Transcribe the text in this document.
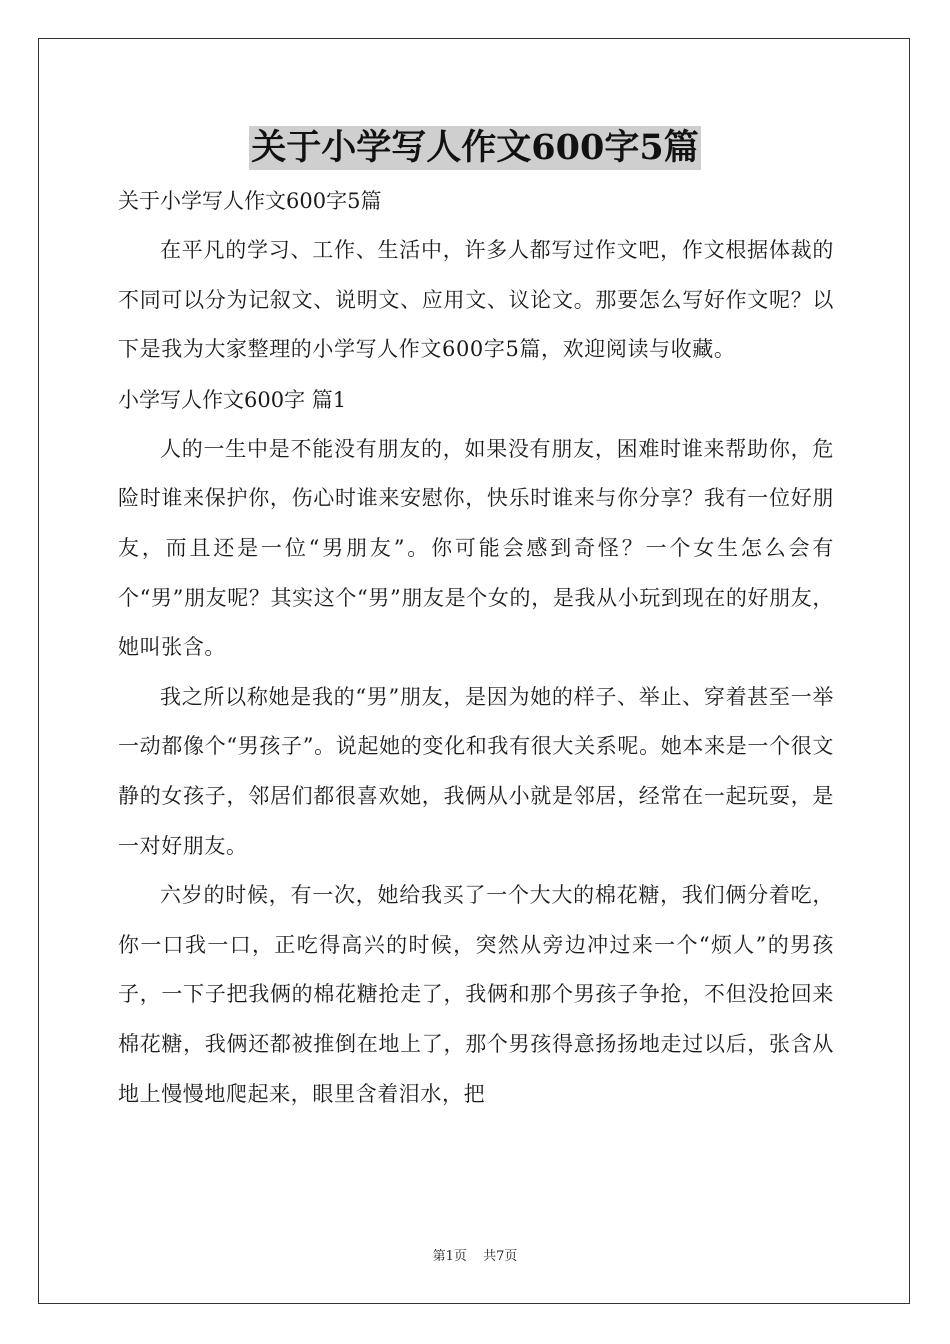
关于小学写人作文600字5篇
关于小学写人作文600字5篇

在平凡的学习、工作、生活中，许多人都写过作文吧，作文根据体裁的不同可以分为记叙文、说明文、应用文、议论文。那要怎么写好作文呢？以下是我为大家整理的小学写人作文600字5篇，欢迎阅读与收藏。

小学写人作文600字 篇1

人的一生中是不能没有朋友的，如果没有朋友，困难时谁来帮助你，危险时谁来保护你，伤心时谁来安慰你，快乐时谁来与你分享？我有一位好朋友，而且还是一位“男朋友”。你可能会感到奇怪？一个女生怎么会有个“男”朋友呢？其实这个“男”朋友是个女的，是我从小玩到现在的好朋友，她叫张含。

我之所以称她是我的“男”朋友，是因为她的样子、举止、穿着甚至一举一动都像个“男孩子”。说起她的变化和我有很大关系呢。她本来是一个很文静的女孩子，邻居们都很喜欢她，我俩从小就是邻居，经常在一起玩耍，是一对好朋友。

六岁的时候，有一次，她给我买了一个大大的棉花糖，我们俩分着吃，你一口我一口，正吃得高兴的时候，突然从旁边冲过来一个“烦人”的男孩子，一下子把我俩的棉花糖抢走了，我俩和那个男孩子争抢，不但没抢回来棉花糖，我俩还都被推倒在地上了，那个男孩得意扬扬地走过以后，张含从地上慢慢地爬起来，眼里含着泪水，把

第1页 共7页
